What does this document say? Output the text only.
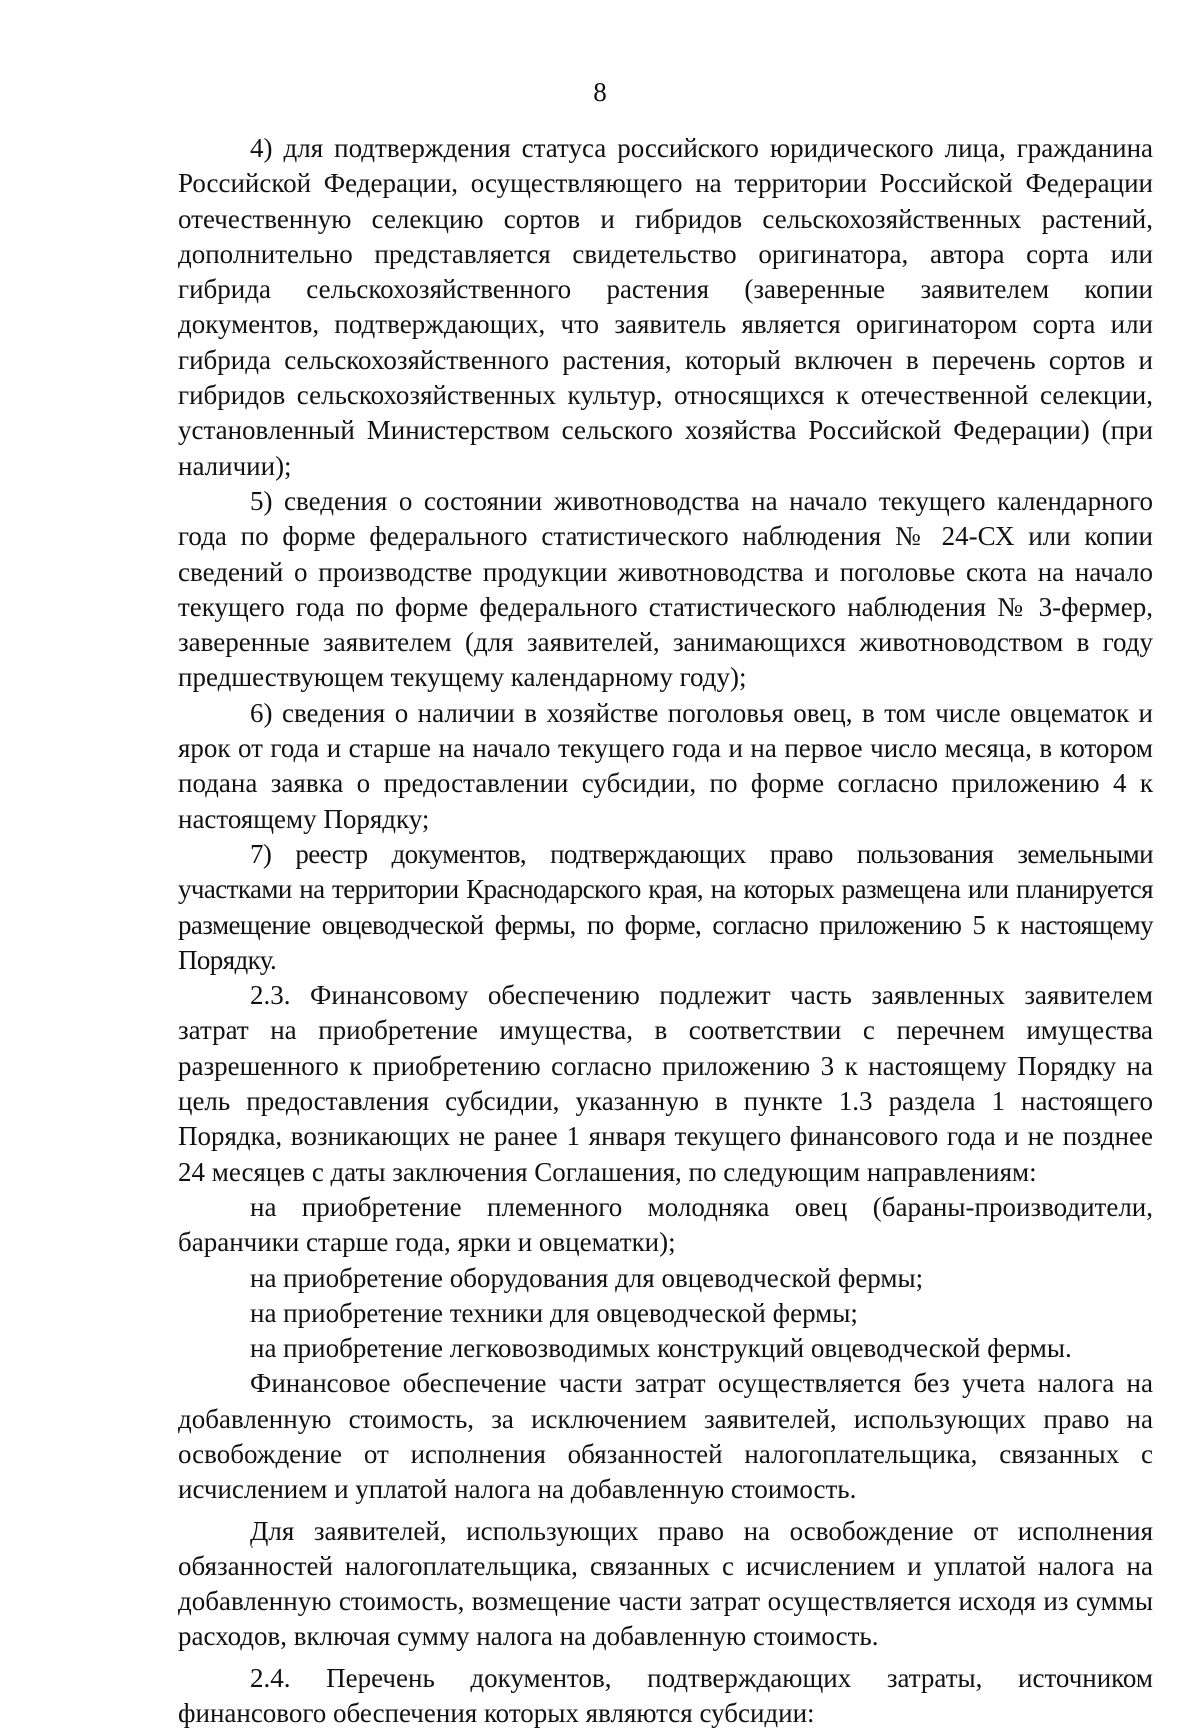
8

4) для подтверждения статуса российского юридического лица, гражданина Российской Федерации, осуществляющего на территории Российской Федерации отечественную селекцию сортов и гибридов сельскохозяйственных растений, дополнительно представляется свидетельство оригинатора, автора сорта или гибрида сельскохозяйственного растения (заверенные заявителем копии документов, подтверждающих, что заявитель является оригинатором сорта или гибрида сельскохозяйственного растения, который включен в перечень сортов и гибридов сельскохозяйственных культур, относящихся к отечественной селекции, установленный Министерством сельского хозяйства Российской Федерации) (при наличии);

5) сведения о состоянии животноводства на начало текущего календарного года по форме федерального статистического наблюдения № 24-СХ или копии сведений о производстве продукции животноводства и поголовье скота на начало текущего года по форме федерального статистического наблюдения № 3-фермер, заверенные заявителем (для заявителей, занимающихся животноводством в году предшествующем текущему календарному году);

6) сведения о наличии в хозяйстве поголовья овец, в том числе овцематок и ярок от года и старше на начало текущего года и на первое число месяца, в котором подана заявка о предоставлении субсидии, по форме согласно приложению 4 к настоящему Порядку;

7) реестр документов, подтверждающих право пользования земельными участками на территории Краснодарского края, на которых размещена или планируется размещение овцеводческой фермы, по форме, согласно приложению 5 к настоящему Порядку.

2.3. Финансовому обеспечению подлежит часть заявленных заявителем затрат на приобретение имущества, в соответствии с перечнем имущества разрешенного к приобретению согласно приложению 3 к настоящему Порядку на цель предоставления субсидии, указанную в пункте 1.3 раздела 1 настоящего Порядка, возникающих не ранее 1 января текущего финансового года и не позднее 24 месяцев с даты заключения Соглашения, по следующим направлениям:

на приобретение племенного молодняка овец (бараны-производители, баранчики старше года, ярки и овцематки);

на приобретение оборудования для овцеводческой фермы;

на приобретение техники для овцеводческой фермы;

на приобретение легковозводимых конструкций овцеводческой фермы.

Финансовое обеспечение части затрат осуществляется без учета налога на добавленную стоимость, за исключением заявителей, использующих право на освобождение от исполнения обязанностей налогоплательщика, связанных с исчислением и уплатой налога на добавленную стоимость.

Для заявителей, использующих право на освобождение от исполнения обязанностей налогоплательщика, связанных с исчислением и уплатой налога на добавленную стоимость, возмещение части затрат осуществляется исходя из суммы расходов, включая сумму налога на добавленную стоимость.

2.4. Перечень документов, подтверждающих затраты, источником финансового обеспечения которых являются субсидии:
